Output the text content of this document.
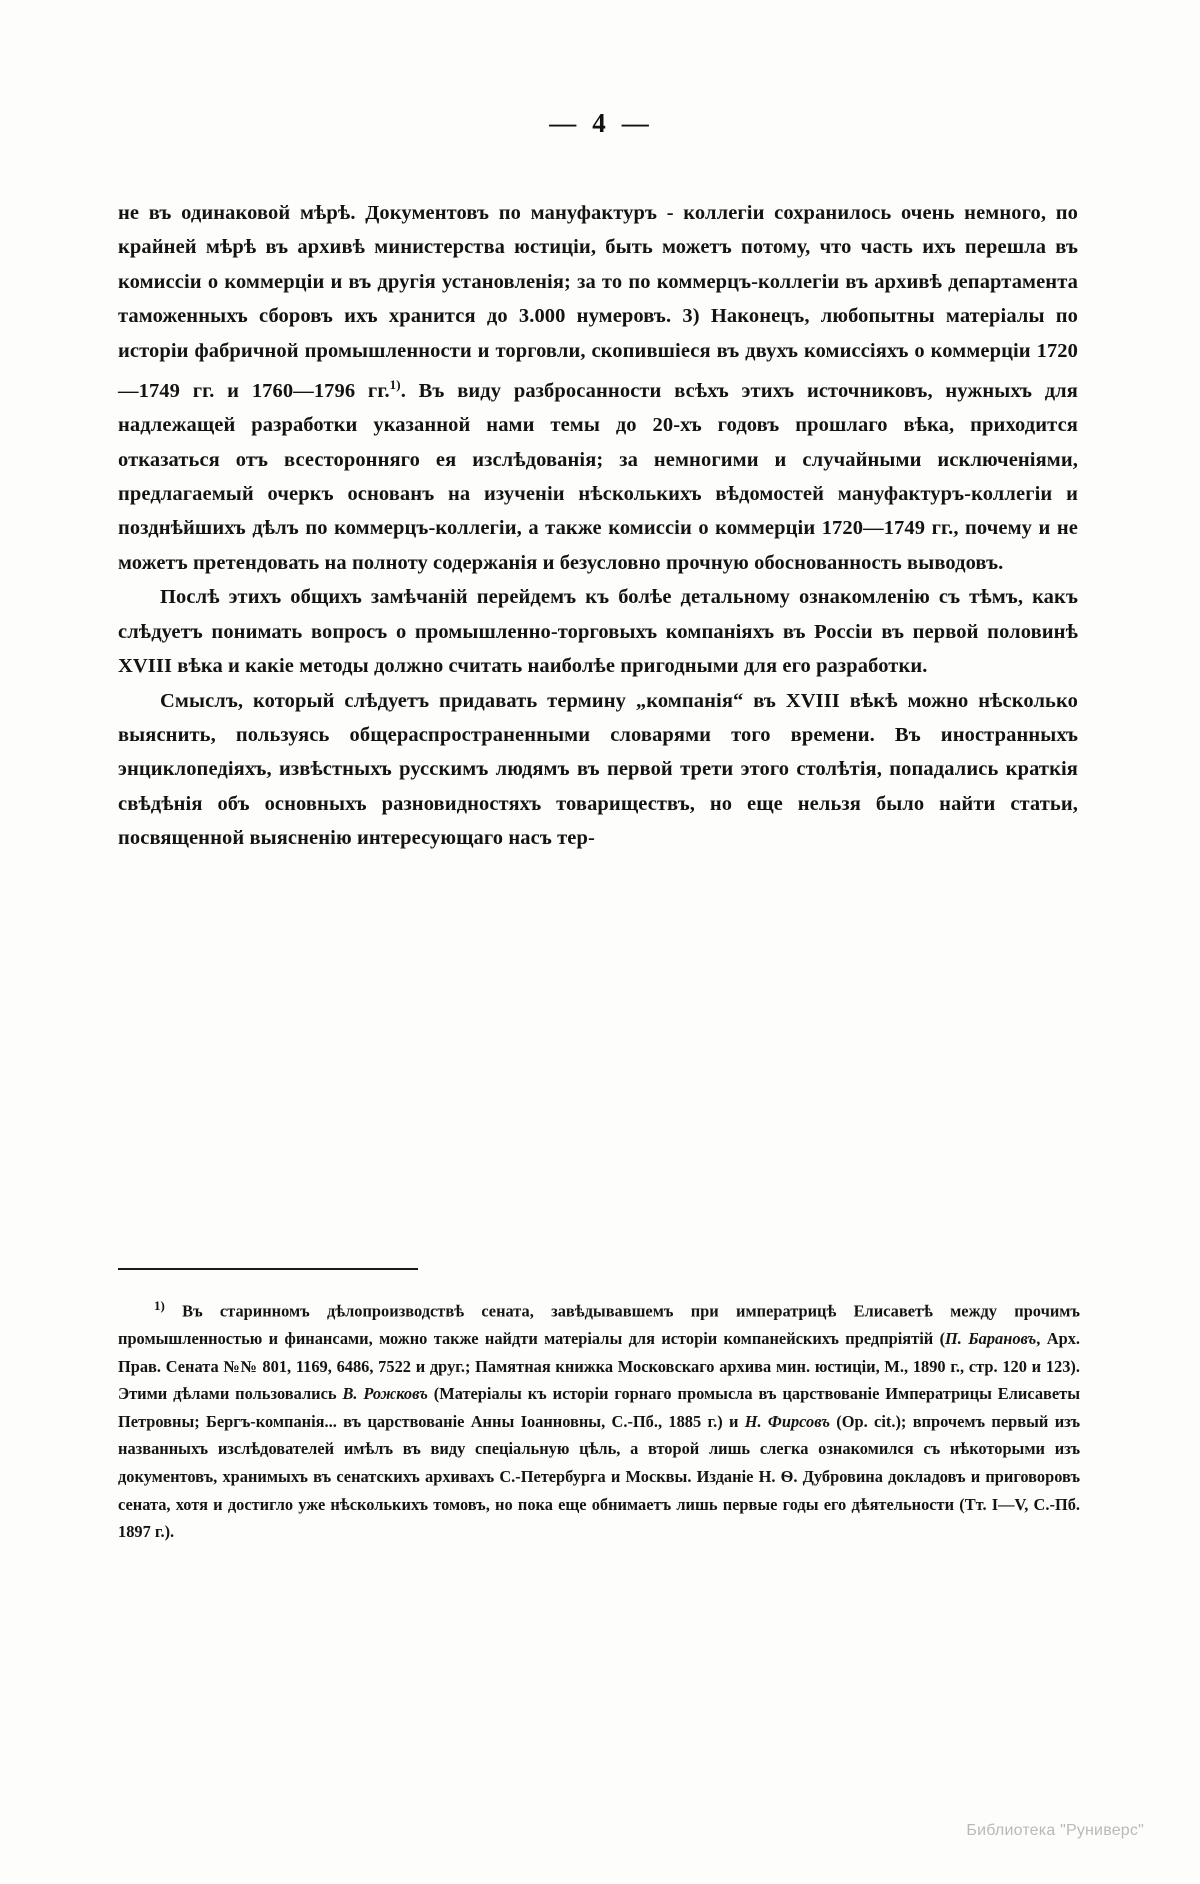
— 4 —

не въ одинаковой мѣрѣ. Документовъ по мануфактуръ - коллегіи сохранилось очень немного, по крайней мѣрѣ въ архивѣ министерства юстиціи, быть можетъ потому, что часть ихъ перешла въ комиссіи о коммерціи и въ другія установленія; за то по коммерцъ-коллегіи въ архивѣ департамента таможенныхъ сборовъ ихъ хранится до 3.000 нумеровъ. 3) Наконецъ, любопытны матеріалы по исторіи фабричной промышленности и торговли, скопившіеся въ двухъ комиссіяхъ о коммерціи 1720—1749 гг. и 1760—1796 гг.$^{1)}$. Въ виду разбросанности всѣхъ этихъ источниковъ, нужныхъ для надлежащей разработки указанной нами темы до 20-хъ годовъ прошлаго вѣка, приходится отказаться отъ всесторонняго ея изслѣдованія; за немногими и случайными исключеніями, предлагаемый очеркъ основанъ на изученіи нѣсколькихъ вѣдомостей мануфактуръ-коллегіи и позднѣйшихъ дѣлъ по коммерцъ-коллегіи, а также комиссіи о коммерціи 1720—1749 гг., почему и не можетъ претендовать на полноту содержанія и безусловно прочную обоснованность выводовъ.

Послѣ этихъ общихъ замѣчаній перейдемъ къ болѣе детальному ознакомленію съ тѣмъ, какъ слѣдуетъ понимать вопросъ о промышленно-торговыхъ компаніяхъ въ Россіи въ первой половинѣ XVIII вѣка и какіе методы должно считать наиболѣе пригодными для его разработки.

Смыслъ, который слѣдуетъ придавать термину „компанія“ въ XVIII вѣкѣ можно нѣсколько выяснить, пользуясь общераспространенными словарями того времени. Въ иностранныхъ энциклопедіяхъ, извѣстныхъ русскимъ людямъ въ первой трети этого столѣтія, попадались краткія свѣдѣнія объ основныхъ разновидностяхъ товариществъ, но еще нельзя было найти статьи, посвященной выясненію интересующаго насъ тер-

$^{1)}$ Въ старинномъ дѣлопроизводствѣ сената, завѣдывавшемъ при императрицѣ Елисаветѣ между прочимъ промышленностью и финансами, можно также найдти матеріалы для исторіи компанейскихъ предпріятій (П. Барановъ, Арх. Прав. Сената №№ 801, 1169, 6486, 7522 и друг.; Памятная книжка Московскаго архива мин. юстиціи, М., 1890 г., стр. 120 и 123). Этими дѣлами пользовались В. Рожковъ (Матеріалы къ исторіи горнаго промысла въ царствованіе Императрицы Елисаветы Петровны; Бергъ-компанія... въ царствованіе Анны Іоанновны, С.-Пб., 1885 г.) и Н. Фирсовъ (Ор. cit.); впрочемъ первый изъ названныхъ изслѣдователей имѣлъ въ виду спеціальную цѣль, а второй лишь слегка ознакомился съ нѣкоторыми изъ документовъ, хранимыхъ въ сенатскихъ архивахъ С.-Петербурга и Москвы. Изданіе Н. Ѳ. Дубровина докладовъ и приговоровъ сената, хотя и достигло уже нѣсколькихъ томовъ, но пока еще обнимаетъ лишь первые годы его дѣятельности (Тт. I—V, С.-Пб. 1897 г.).

Библиотека "Руниверс"
